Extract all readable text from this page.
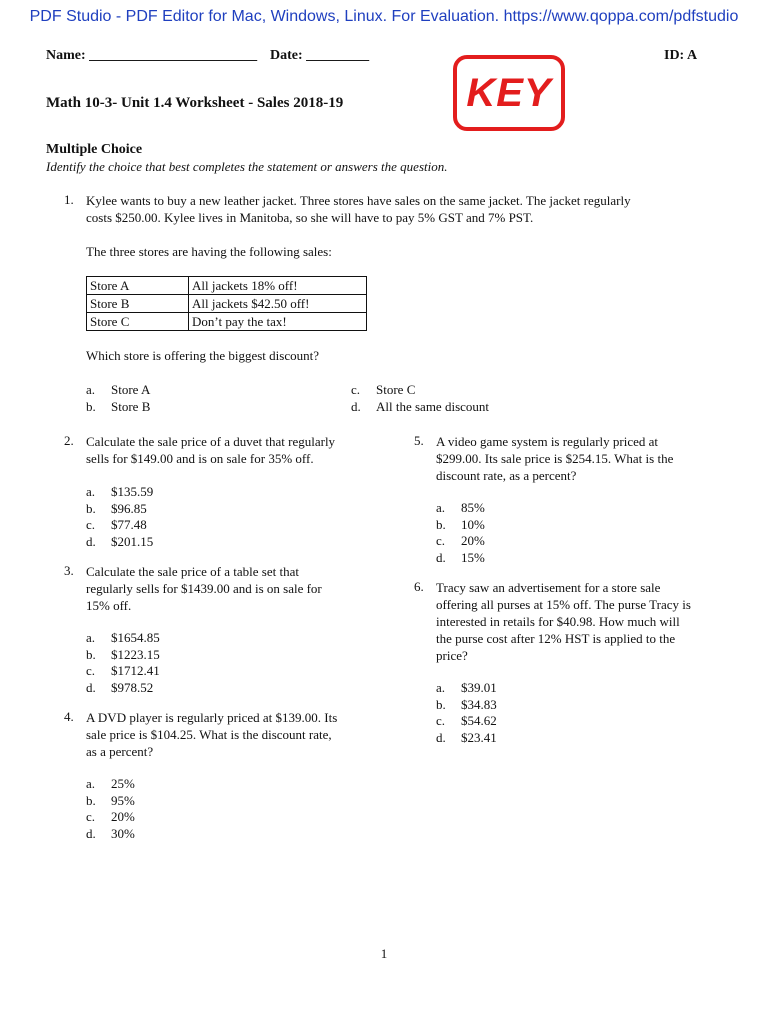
PDF Studio - PDF Editor for Mac, Windows, Linux. For Evaluation. https://www.qoppa.com/pdfstudio
Name: ________________________ Date: _________	ID: A
Math 10-3- Unit 1.4 Worksheet - Sales 2018-19	KEY
Multiple Choice
Identify the choice that best completes the statement or answers the question.
1. Kylee wants to buy a new leather jacket. Three stores have sales on the same jacket. The jacket regularly
costs $250.00. Kylee lives in Manitoba, so she will have to pay 5% GST and 7% PST.
The three stores are having the following sales:
Store A	All jackets 18% off!
Store B	All jackets $42.50 off!
Store C	Don’t pay the tax!
Which store is offering the biggest discount?
a. Store A
b. Store B
c. Store C
d. All the same discount
2. Calculate the sale price of a duvet that regularly
sells for $149.00 and is on sale for 35% off.
a. $135.59
b. $96.85
c. $77.48
d. $201.15
3. Calculate the sale price of a table set that
regularly sells for $1439.00 and is on sale for
15% off.
a. $1654.85
b. $1223.15
c. $1712.41
d. $978.52
4. A DVD player is regularly priced at $139.00. Its
sale price is $104.25. What is the discount rate,
as a percent?
a. 25%
b. 95%
c. 20%
d. 30%
5. A video game system is regularly priced at
$299.00. Its sale price is $254.15. What is the
discount rate, as a percent?
a. 85%
b. 10%
c. 20%
d. 15%
6. Tracy saw an advertisement for a store sale
offering all purses at 15% off. The purse Tracy is
interested in retails for $40.98. How much will
the purse cost after 12% HST is applied to the
price?
a. $39.01
b. $34.83
c. $54.62
d. $23.41
1
